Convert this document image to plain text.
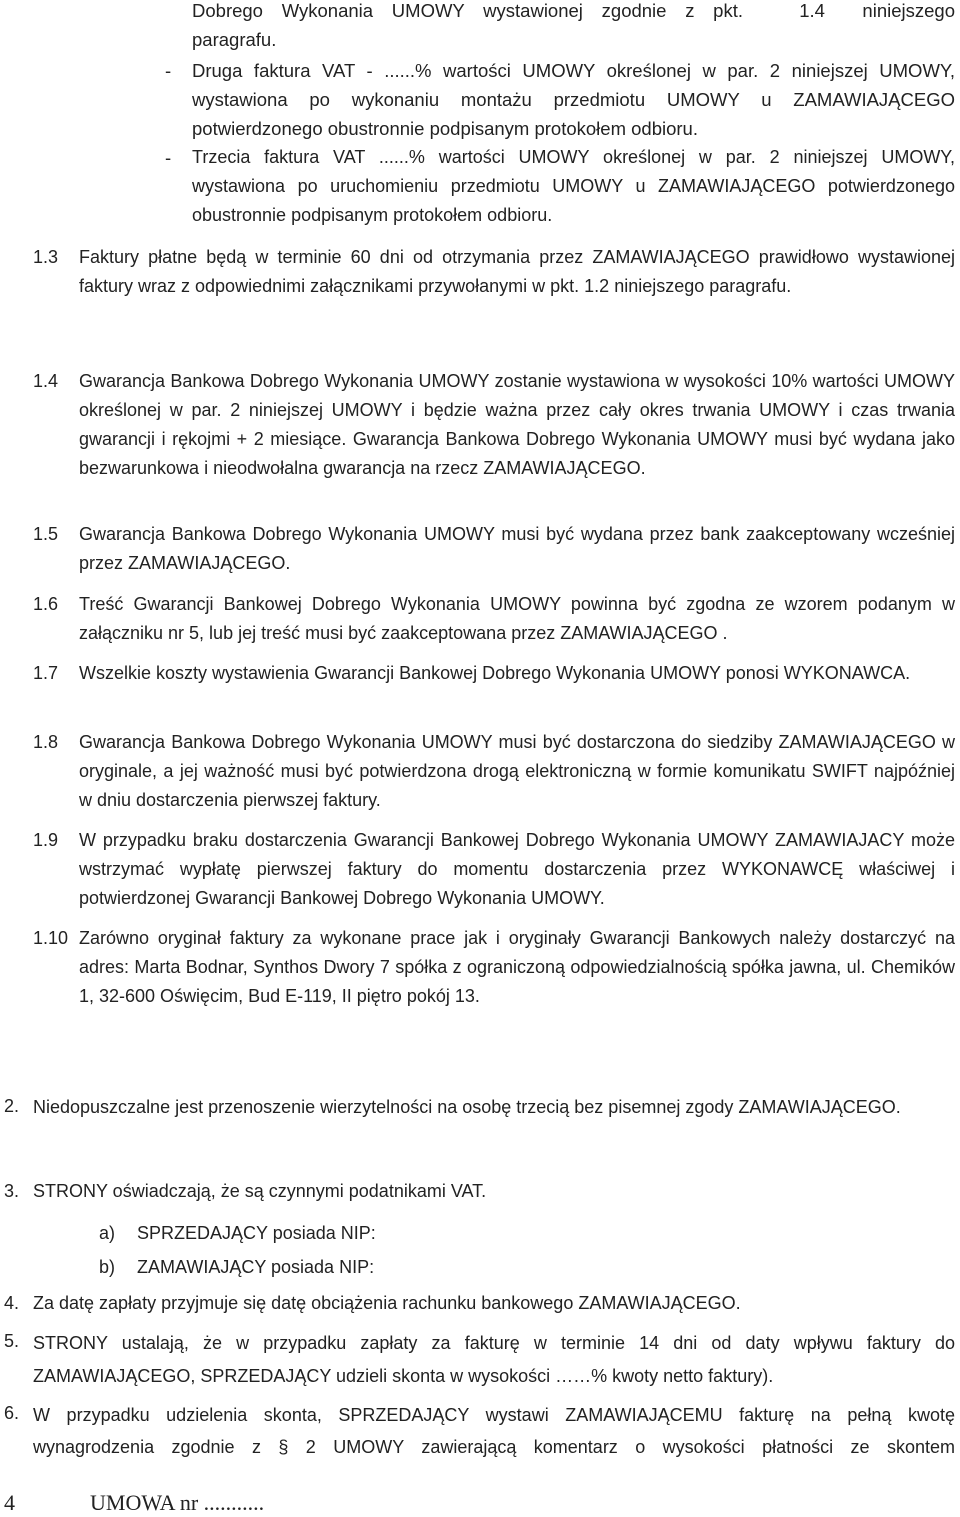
Dobrego Wykonania UMOWY wystawionej zgodnie z pkt.   1.4  niniejszego
paragrafu.
- Druga faktura VAT - ......% wartości UMOWY określonej w par. 2 niniejszej UMOWY, wystawiona po wykonaniu montażu przedmiotu UMOWY u ZAMAWIAJĄCEGO potwierdzonego obustronnie podpisanym protokołem odbioru.
- Trzecia faktura VAT ......% wartości UMOWY określonej w par. 2 niniejszej UMOWY, wystawiona po uruchomieniu przedmiotu UMOWY u ZAMAWIAJĄCEGO potwierdzonego obustronnie podpisanym protokołem odbioru.
1.3 Faktury płatne będą w terminie 60 dni od otrzymania przez ZAMAWIAJĄCEGO prawidłowo wystawionej faktury wraz z odpowiednimi załącznikami przywołanymi w pkt. 1.2 niniejszego paragrafu.
1.4 Gwarancja Bankowa Dobrego Wykonania UMOWY zostanie wystawiona w wysokości 10% wartości UMOWY określonej w par. 2 niniejszej UMOWY i będzie ważna przez cały okres trwania UMOWY i czas trwania gwarancji i rękojmi + 2 miesiące. Gwarancja Bankowa Dobrego Wykonania UMOWY musi być wydana jako bezwarunkowa i nieodwołalna gwarancja na rzecz ZAMAWIAJĄCEGO.
1.5 Gwarancja Bankowa Dobrego Wykonania UMOWY musi być wydana przez bank zaakceptowany wcześniej przez ZAMAWIAJĄCEGO.
1.6 Treść Gwarancji Bankowej Dobrego Wykonania UMOWY powinna być zgodna ze wzorem podanym w załączniku nr 5, lub jej treść musi być zaakceptowana przez ZAMAWIAJĄCEGO .
1.7 Wszelkie koszty wystawienia Gwarancji Bankowej Dobrego Wykonania UMOWY ponosi WYKONAWCA.
1.8 Gwarancja Bankowa Dobrego Wykonania UMOWY musi być dostarczona do siedziby ZAMAWIAJĄCEGO w oryginale, a jej ważność musi być potwierdzona drogą elektroniczną w formie komunikatu SWIFT najpóźniej w dniu dostarczenia pierwszej faktury.
1.9 W przypadku braku dostarczenia Gwarancji Bankowej Dobrego Wykonania UMOWY ZAMAWIAJACY może wstrzymać wypłatę pierwszej faktury do momentu dostarczenia przez WYKONAWCĘ właściwej i potwierdzonej Gwarancji Bankowej Dobrego Wykonania UMOWY.
1.10 Zarówno oryginał faktury za wykonane prace jak i oryginały Gwarancji Bankowych należy dostarczyć na adres: Marta Bodnar, Synthos Dwory 7 spółka z ograniczoną odpowiedzialnością spółka jawna, ul. Chemików 1, 32-600 Oświęcim, Bud E-119, II piętro pokój 13.
2. Niedopuszczalne jest przenoszenie wierzytelności na osobę trzecią bez pisemnej zgody ZAMAWIAJĄCEGO.
3. STRONY oświadczają, że są czynnymi podatnikami VAT.
a) SPRZEDAJĄCY posiada NIP:
b) ZAMAWIAJĄCY posiada NIP:
4. Za datę zapłaty przyjmuje się datę obciążenia rachunku bankowego ZAMAWIAJĄCEGO.
5. STRONY ustalają, że w przypadku zapłaty za fakturę w terminie 14 dni od daty wpływu faktury do ZAMAWIAJĄCEGO, SPRZEDAJĄCY udzieli skonta w wysokości ……% kwoty netto faktury).
6. W przypadku udzielenia skonta, SPRZEDAJĄCY wystawi ZAMAWIAJĄCEMU fakturę na pełną kwotę wynagrodzenia zgodnie z § 2 UMOWY zawierającą komentarz o wysokości płatności ze skontem
4	UMOWA nr ...........
